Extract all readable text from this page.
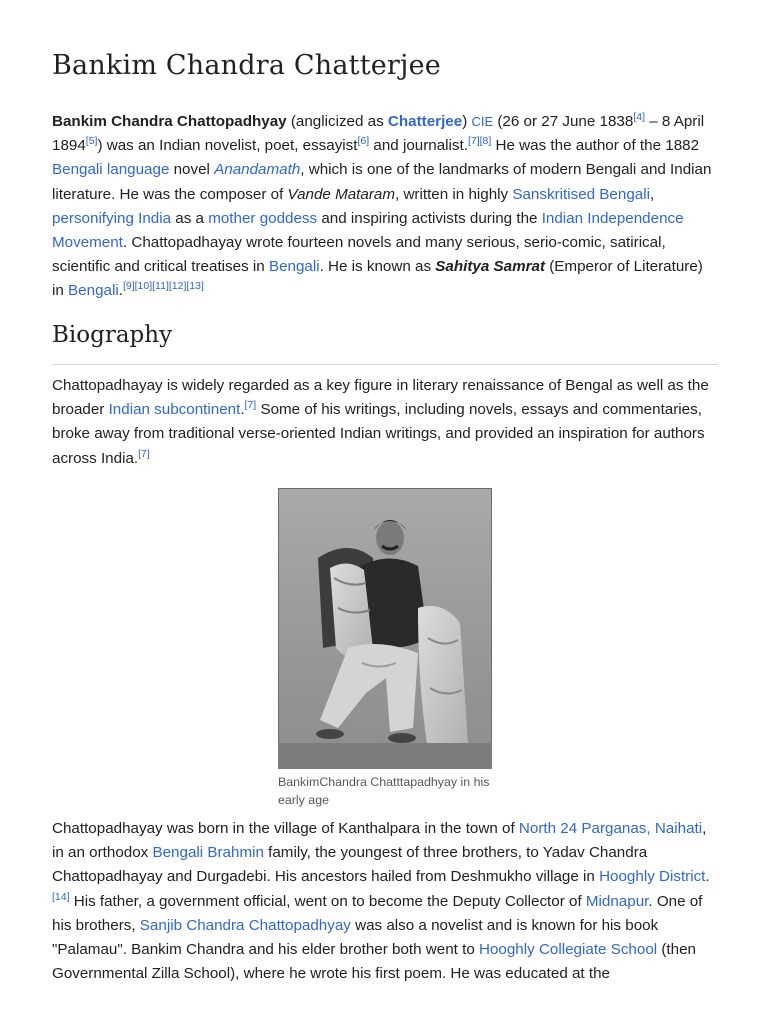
Bankim Chandra Chatterjee

Bankim Chandra Chattopadhyay (anglicized as Chatterjee) CIE (26 or 27 June 1838[4] – 8 April 1894[5]) was an Indian novelist, poet, essayist[6] and journalist.[7][8] He was the author of the 1882 Bengali language novel Anandamath, which is one of the landmarks of modern Bengali and Indian literature. He was the composer of Vande Mataram, written in highly Sanskritised Bengali, personifying India as a mother goddess and inspiring activists during the Indian Independence Movement. Chattopadhayay wrote fourteen novels and many serious, serio-comic, satirical, scientific and critical treatises in Bengali. He is known as Sahitya Samrat (Emperor of Literature) in Bengali.[9][10][11][12][13]

Biography

Chattopadhayay is widely regarded as a key figure in literary renaissance of Bengal as well as the broader Indian subcontinent.[7] Some of his writings, including novels, essays and commentaries, broke away from traditional verse-oriented Indian writings, and provided an inspiration for authors across India.[7]

BankimChandra Chatttapadhyay in his early age

Chattopadhayay was born in the village of Kanthalpara in the town of North 24 Parganas, Naihati, in an orthodox Bengali Brahmin family, the youngest of three brothers, to Yadav Chandra Chattopadhayay and Durgadebi. His ancestors hailed from Deshmukho village in Hooghly District.[14] His father, a government official, went on to become the Deputy Collector of Midnapur. One of his brothers, Sanjib Chandra Chattopadhyay was also a novelist and is known for his book "Palamau". Bankim Chandra and his elder brother both went to Hooghly Collegiate School (then Governmental Zilla School), where he wrote his first poem. He was educated at the
